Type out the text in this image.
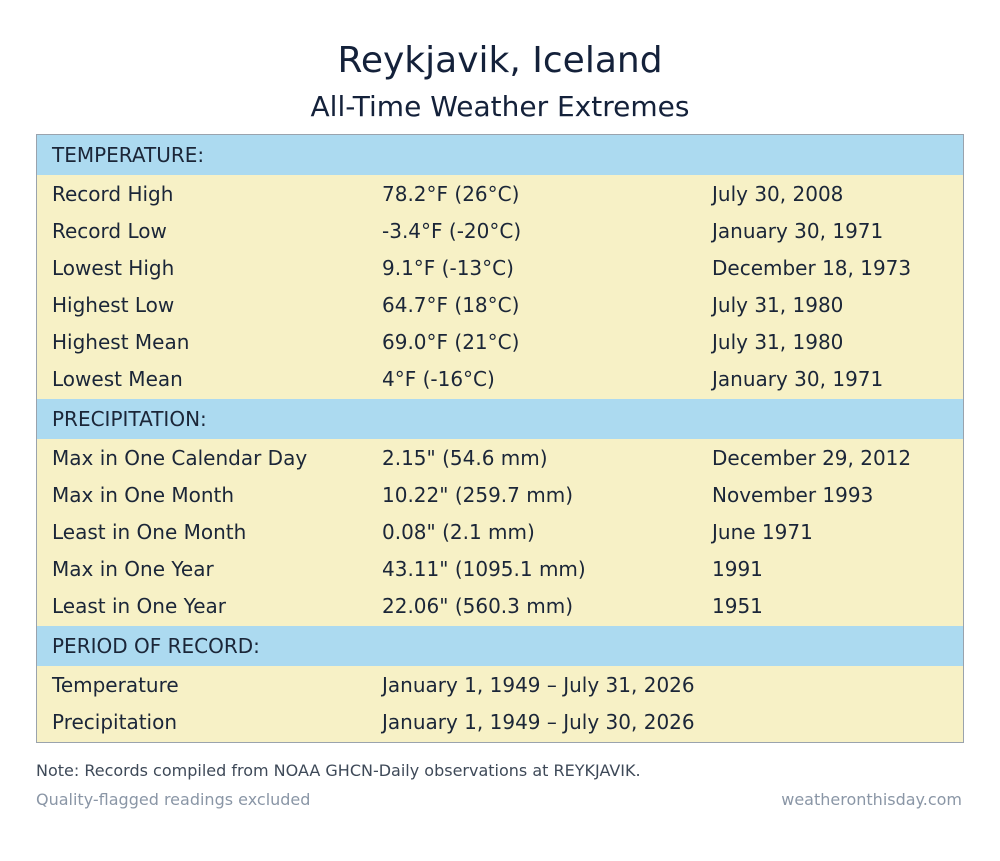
Reykjavik, Iceland
All-Time Weather Extremes
TEMPERATURE:
Record High	78.2°F (26°C)	July 30, 2008
Record Low	-3.4°F (-20°C)	January 30, 1971
Lowest High	9.1°F (-13°C)	December 18, 1973
Highest Low	64.7°F (18°C)	July 31, 1980
Highest Mean	69.0°F (21°C)	July 31, 1980
Lowest Mean	4°F (-16°C)	January 30, 1971
PRECIPITATION:
Max in One Calendar Day	2.15" (54.6 mm)	December 29, 2012
Max in One Month	10.22" (259.7 mm)	November 1993
Least in One Month	0.08" (2.1 mm)	June 1971
Max in One Year	43.11" (1095.1 mm)	1991
Least in One Year	22.06" (560.3 mm)	1951
PERIOD OF RECORD:
Temperature	January 1, 1949 – July 31, 2026
Precipitation	January 1, 1949 – July 30, 2026
Note: Records compiled from NOAA GHCN-Daily observations at REYKJAVIK.
Quality-flagged readings excluded	weatheronthisday.com
